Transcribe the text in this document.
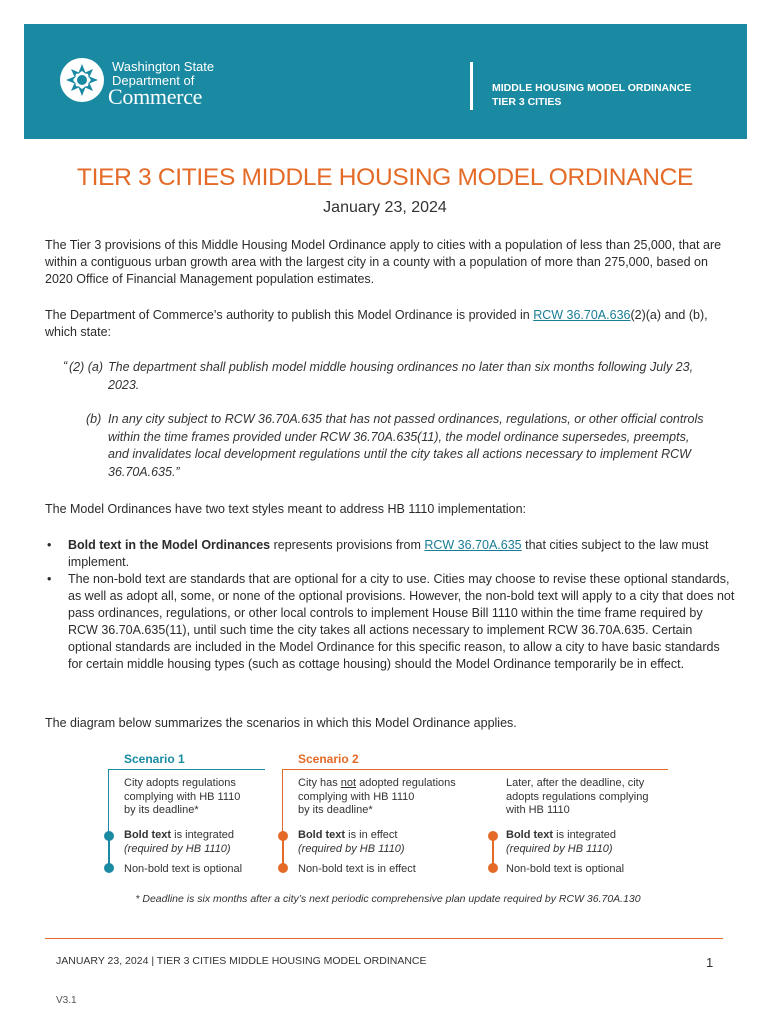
Washington State
Department of
Commerce	MIDDLE HOUSING MODEL ORDINANCE
TIER 3 CITIES
TIER 3 CITIES MIDDLE HOUSING MODEL ORDINANCE
January 23, 2024

The Tier 3 provisions of this Middle Housing Model Ordinance apply to cities with a population of less than 25,000, that are within a contiguous urban growth area with the largest city in a county with a population of more than 275,000, based on 2020 Office of Financial Management population estimates.

The Department of Commerce’s authority to publish this Model Ordinance is provided in RCW 36.70A.636(2)(a) and (b), which state:

“ (2) (a) The department shall publish model middle housing ordinances no later than six months following July 23, 2023.

(b) In any city subject to RCW 36.70A.635 that has not passed ordinances, regulations, or other official controls within the time frames provided under RCW 36.70A.635(11), the model ordinance supersedes, preempts, and invalidates local development regulations until the city takes all actions necessary to implement RCW 36.70A.635.”

The Model Ordinances have two text styles meant to address HB 1110 implementation:

• Bold text in the Model Ordinances represents provisions from RCW 36.70A.635 that cities subject to the law must implement.
• The non-bold text are standards that are optional for a city to use. Cities may choose to revise these optional standards, as well as adopt all, some, or none of the optional provisions. However, the non-bold text will apply to a city that does not pass ordinances, regulations, or other local controls to implement House Bill 1110 within the time frame required by RCW 36.70A.635(11), until such time the city takes all actions necessary to implement RCW 36.70A.635. Certain optional standards are included in the Model Ordinance for this specific reason, to allow a city to have basic standards for certain middle housing types (such as cottage housing) should the Model Ordinance temporarily be in effect.

The diagram below summarizes the scenarios in which this Model Ordinance applies.

Scenario 1
City adopts regulations
complying with HB 1110
by its deadline*
Bold text is integrated
(required by HB 1110)
Non-bold text is optional
Scenario 2
City has not adopted regulations
complying with HB 1110
by its deadline*
Bold text is in effect
(required by HB 1110)
Non-bold text is in effect
Later, after the deadline, city
adopts regulations complying
with HB 1110
Bold text is integrated
(required by HB 1110)
Non-bold text is optional
* Deadline is six months after a city’s next periodic comprehensive plan update required by RCW 36.70A.130
JANUARY 23, 2024 | TIER 3 CITIES MIDDLE HOUSING MODEL ORDINANCE	1
V3.1
